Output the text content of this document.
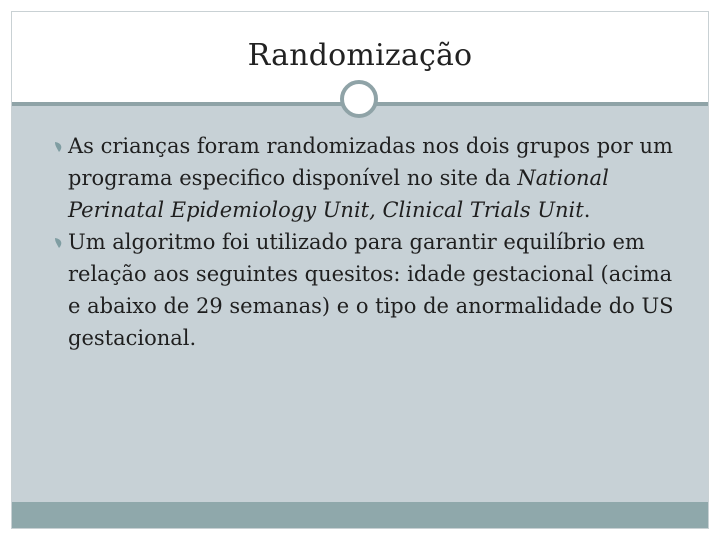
Randomização
As crianças foram randomizadas nos dois grupos por um programa especifico disponível no site da National Perinatal Epidemiology Unit, Clinical Trials Unit.
Um algoritmo foi utilizado para garantir equilíbrio em relação aos seguintes quesitos: idade gestacional (acima e abaixo de 29 semanas) e o tipo de anormalidade do US gestacional.
